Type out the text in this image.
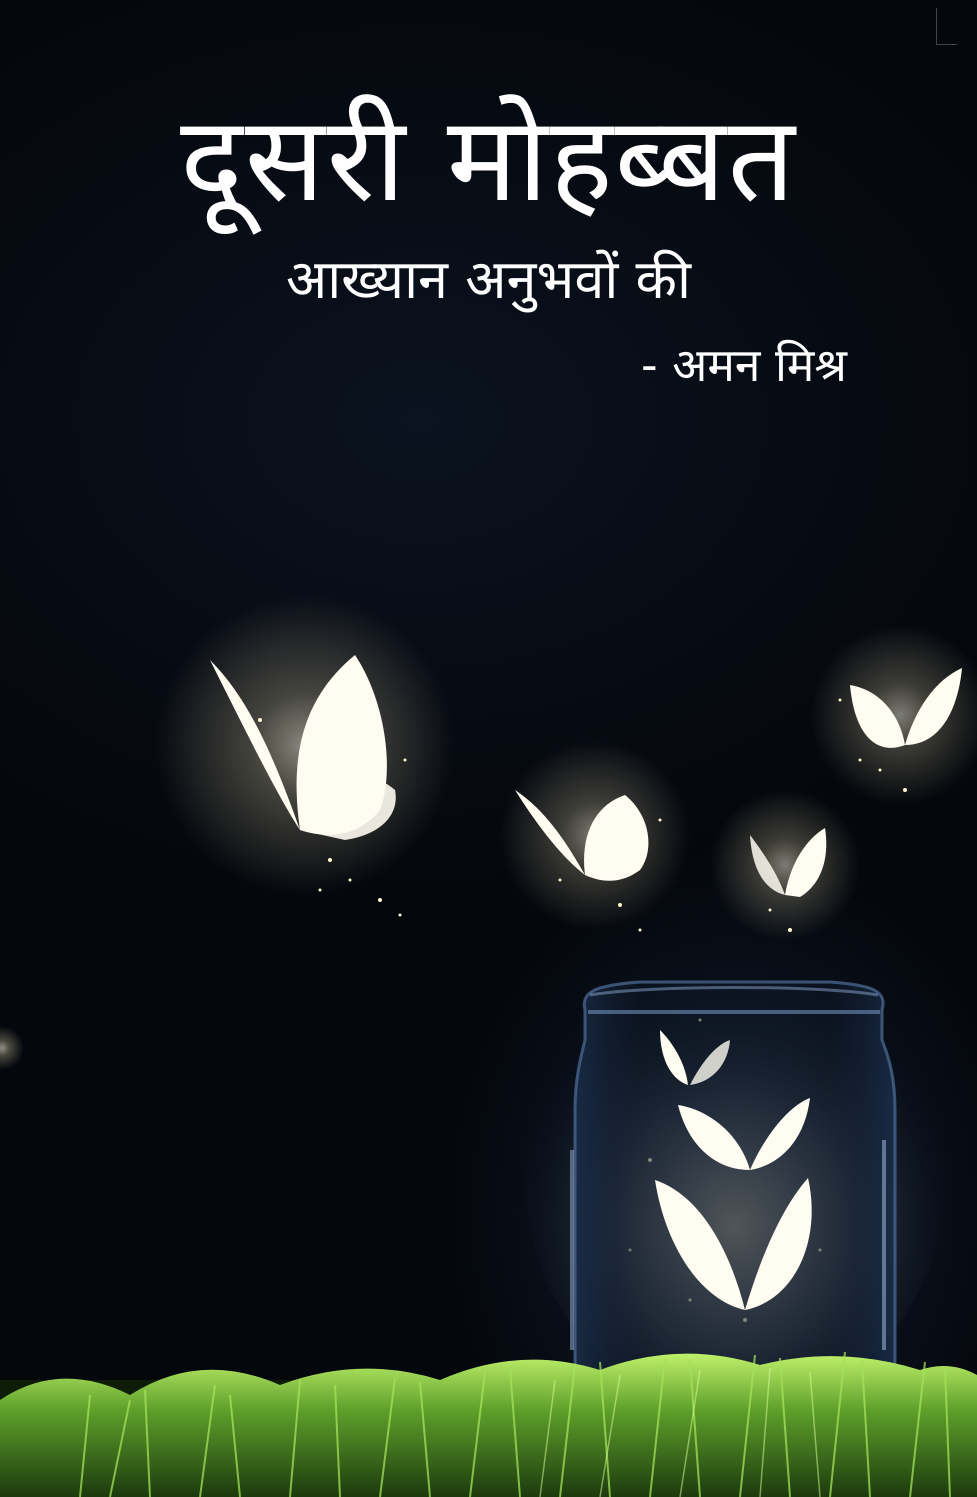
दूसरी मोहब्बत
आख्यान अनुभवों की

- अमन मिश्र
